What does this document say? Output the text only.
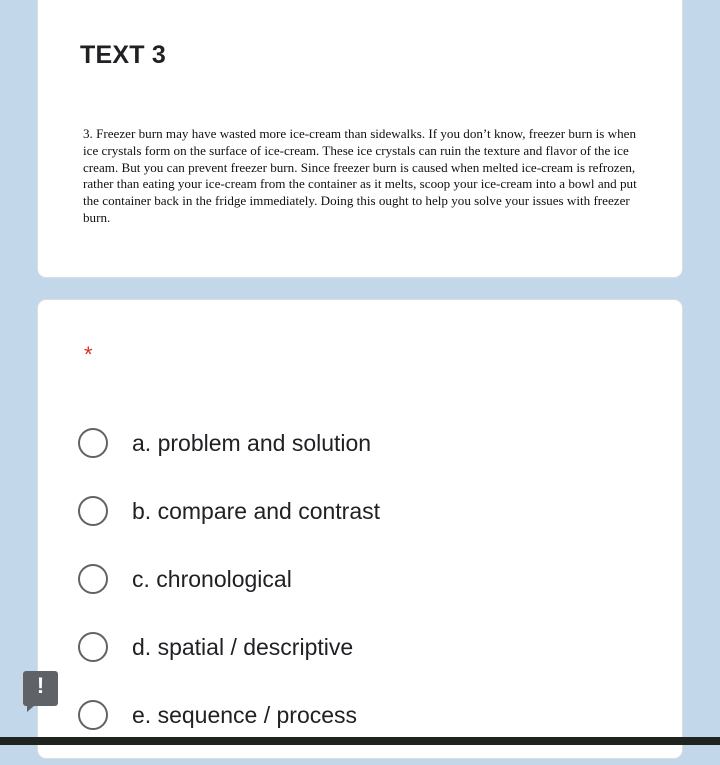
TEXT 3

3. Freezer burn may have wasted more ice-cream than sidewalks. If you don’t know, freezer burn is when ice crystals form on the surface of ice-cream. These ice crystals can ruin the texture and flavor of the ice cream. But you can prevent freezer burn. Since freezer burn is caused when melted ice-cream is refrozen, rather than eating your ice-cream from the container as it melts, scoop your ice-cream into a bowl and put the container back in the fridge immediately. Doing this ought to help you solve your issues with freezer burn.

*
a. problem and solution
b. compare and contrast
c. chronological
d. spatial / descriptive
e. sequence / process
!
